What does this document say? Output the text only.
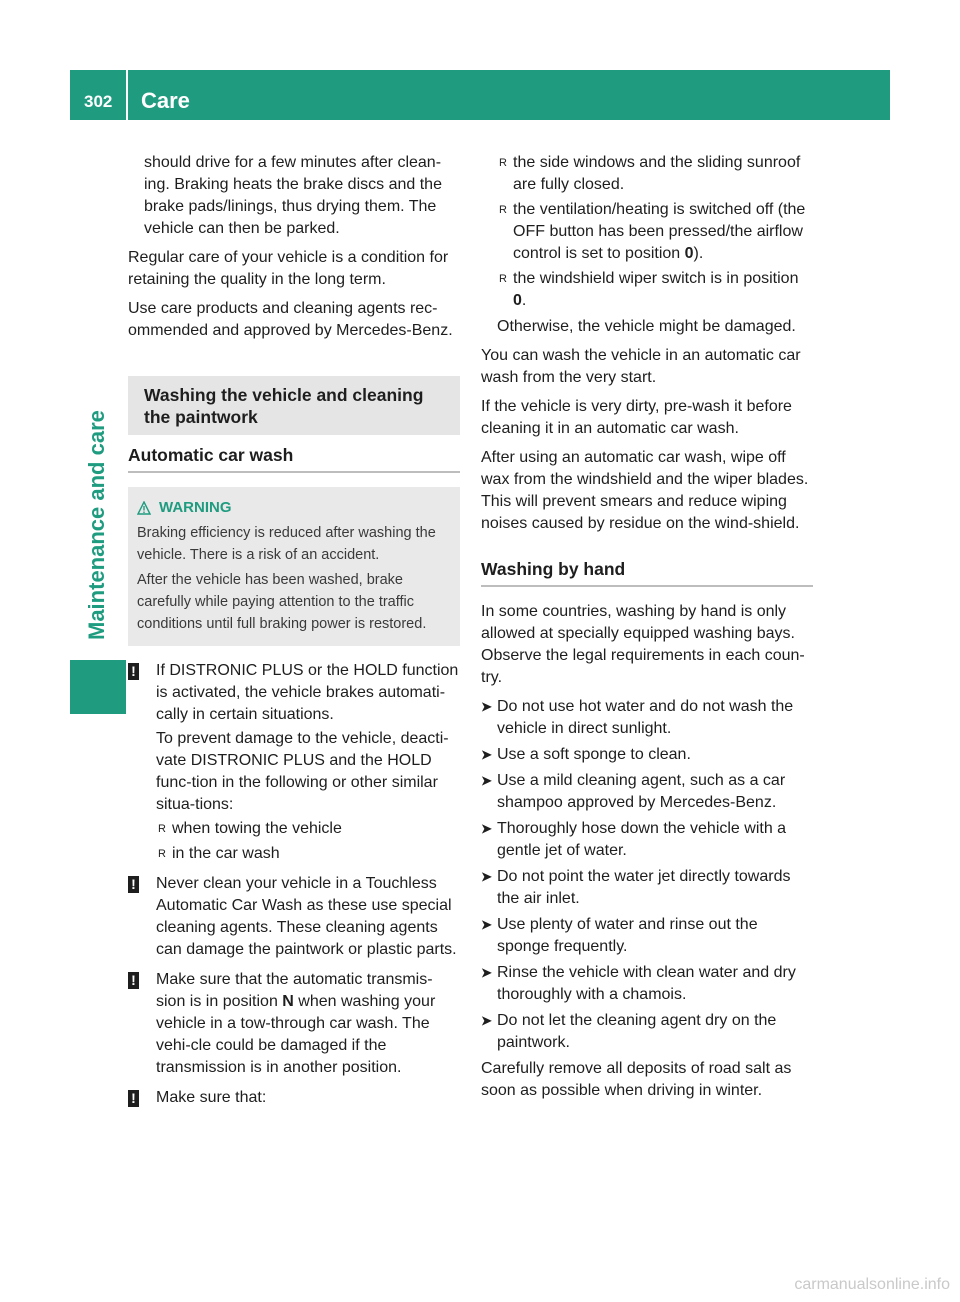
302 Care
Maintenance and care

should drive for a few minutes after clean-ing. Braking heats the brake discs and the brake pads/linings, thus drying them. The vehicle can then be parked.

Regular care of your vehicle is a condition for retaining the quality in the long term.

Use care products and cleaning agents rec-ommended and approved by Mercedes-Benz.

Washing the vehicle and cleaning the paintwork
Automatic car wash
WARNING

Braking efficiency is reduced after washing the vehicle. There is a risk of an accident.

After the vehicle has been washed, brake carefully while paying attention to the traffic conditions until full braking power is restored.

! If DISTRONIC PLUS or the HOLD function is activated, the vehicle brakes automati-cally in certain situations.

To prevent damage to the vehicle, deacti-vate DISTRONIC PLUS and the HOLD func-tion in the following or other similar situa-tions:

R when towing the vehicle
R in the car wash
! Never clean your vehicle in a Touchless Automatic Car Wash as these use special cleaning agents. These cleaning agents can damage the paintwork or plastic parts.

! Make sure that the automatic transmis-sion is in position N when washing your vehicle in a tow-through car wash. The vehi-cle could be damaged if the transmission is in another position.

! Make sure that:

R the side windows and the sliding sunroof are fully closed.
R the ventilation/heating is switched off (the OFF button has been pressed/the airflow control is set to position 0).
R the windshield wiper switch is in position 0.

Otherwise, the vehicle might be damaged.

You can wash the vehicle in an automatic car wash from the very start.

If the vehicle is very dirty, pre-wash it before cleaning it in an automatic car wash.

After using an automatic car wash, wipe off wax from the windshield and the wiper blades. This will prevent smears and reduce wiping noises caused by residue on the wind-shield.

Washing by hand

In some countries, washing by hand is only allowed at specially equipped washing bays. Observe the legal requirements in each coun-try.

➤ Do not use hot water and do not wash the vehicle in direct sunlight.
➤ Use a soft sponge to clean.
➤ Use a mild cleaning agent, such as a car shampoo approved by Mercedes-Benz.
➤ Thoroughly hose down the vehicle with a gentle jet of water.
➤ Do not point the water jet directly towards the air inlet.
➤ Use plenty of water and rinse out the sponge frequently.
➤ Rinse the vehicle with clean water and dry thoroughly with a chamois.
➤ Do not let the cleaning agent dry on the paintwork.

Carefully remove all deposits of road salt as soon as possible when driving in winter.

carmanualsonline.info
